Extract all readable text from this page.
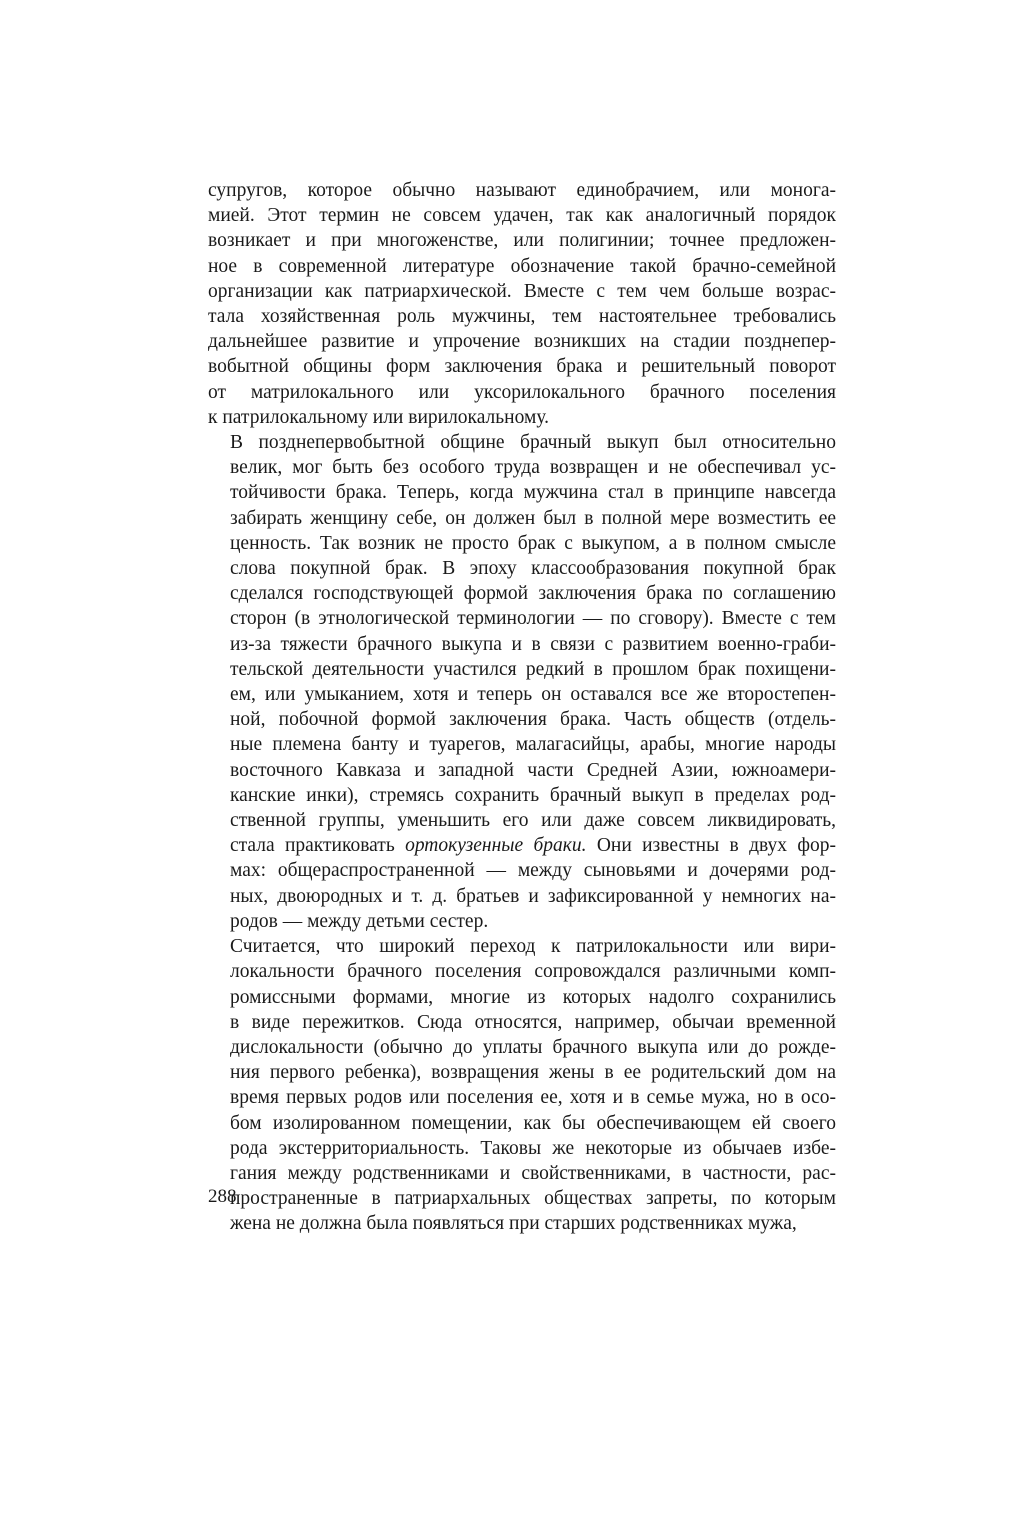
супругов, которое обычно называют единобрачием, или монога-
мией. Этот термин не совсем удачен, так как аналогичный порядок
возникает и при многоженстве, или полигинии; точнее предложен-
ное в современной литературе обозначение такой брачно-семейной
организации как патриархической. Вместе с тем чем больше возрас-
тала хозяйственная роль мужчины, тем настоятельнее требовались
дальнейшее развитие и упрочение возникших на стадии позднепер-
вобытной общины форм заключения брака и решительный поворот
от матрилокального или уксорилокального брачного поселения
к патрилокальному или вирилокальному.
В позднепервобытной общине брачный выкуп был относительно
велик, мог быть без особого труда возвращен и не обеспечивал ус-
тойчивости брака. Теперь, когда мужчина стал в принципе навсегда
забирать женщину себе, он должен был в полной мере возместить ее
ценность. Так возник не просто брак с выкупом, а в полном смысле
слова покупной брак. В эпоху классообразования покупной брак
сделался господствующей формой заключения брака по соглашению
сторон (в этнологической терминологии — по сговору). Вместе с тем
из-за тяжести брачного выкупа и в связи с развитием военно-граби-
тельской деятельности участился редкий в прошлом брак похищени-
ем, или умыканием, хотя и теперь он оставался все же второстепен-
ной, побочной формой заключения брака. Часть обществ (отдель-
ные племена банту и туарегов, малагасийцы, арабы, многие народы
восточного Кавказа и западной части Средней Азии, южноамери-
канские инки), стремясь сохранить брачный выкуп в пределах род-
ственной группы, уменьшить его или даже совсем ликвидировать,
стала практиковать ортокузенные браки. Они известны в двух фор-
мах: общераспространенной — между сыновьями и дочерями род-
ных, двоюродных и т. д. братьев и зафиксированной у немногих на-
родов — между детьми сестер.
Считается, что широкий переход к патрилокальности или вири-
локальности брачного поселения сопровождался различными комп-
ромиссными формами, многие из которых надолго сохранились
в виде пережитков. Сюда относятся, например, обычаи временной
дислокальности (обычно до уплаты брачного выкупа или до рожде-
ния первого ребенка), возвращения жены в ее родительский дом на
время первых родов или поселения ее, хотя и в семье мужа, но в осо-
бом изолированном помещении, как бы обеспечивающем ей своего
рода экстерриториальность. Таковы же некоторые из обычаев избе-
гания между родственниками и свойственниками, в частности, рас-
пространенные в патриархальных обществах запреты, по которым
жена не должна была появляться при старших родственниках мужа,
288
